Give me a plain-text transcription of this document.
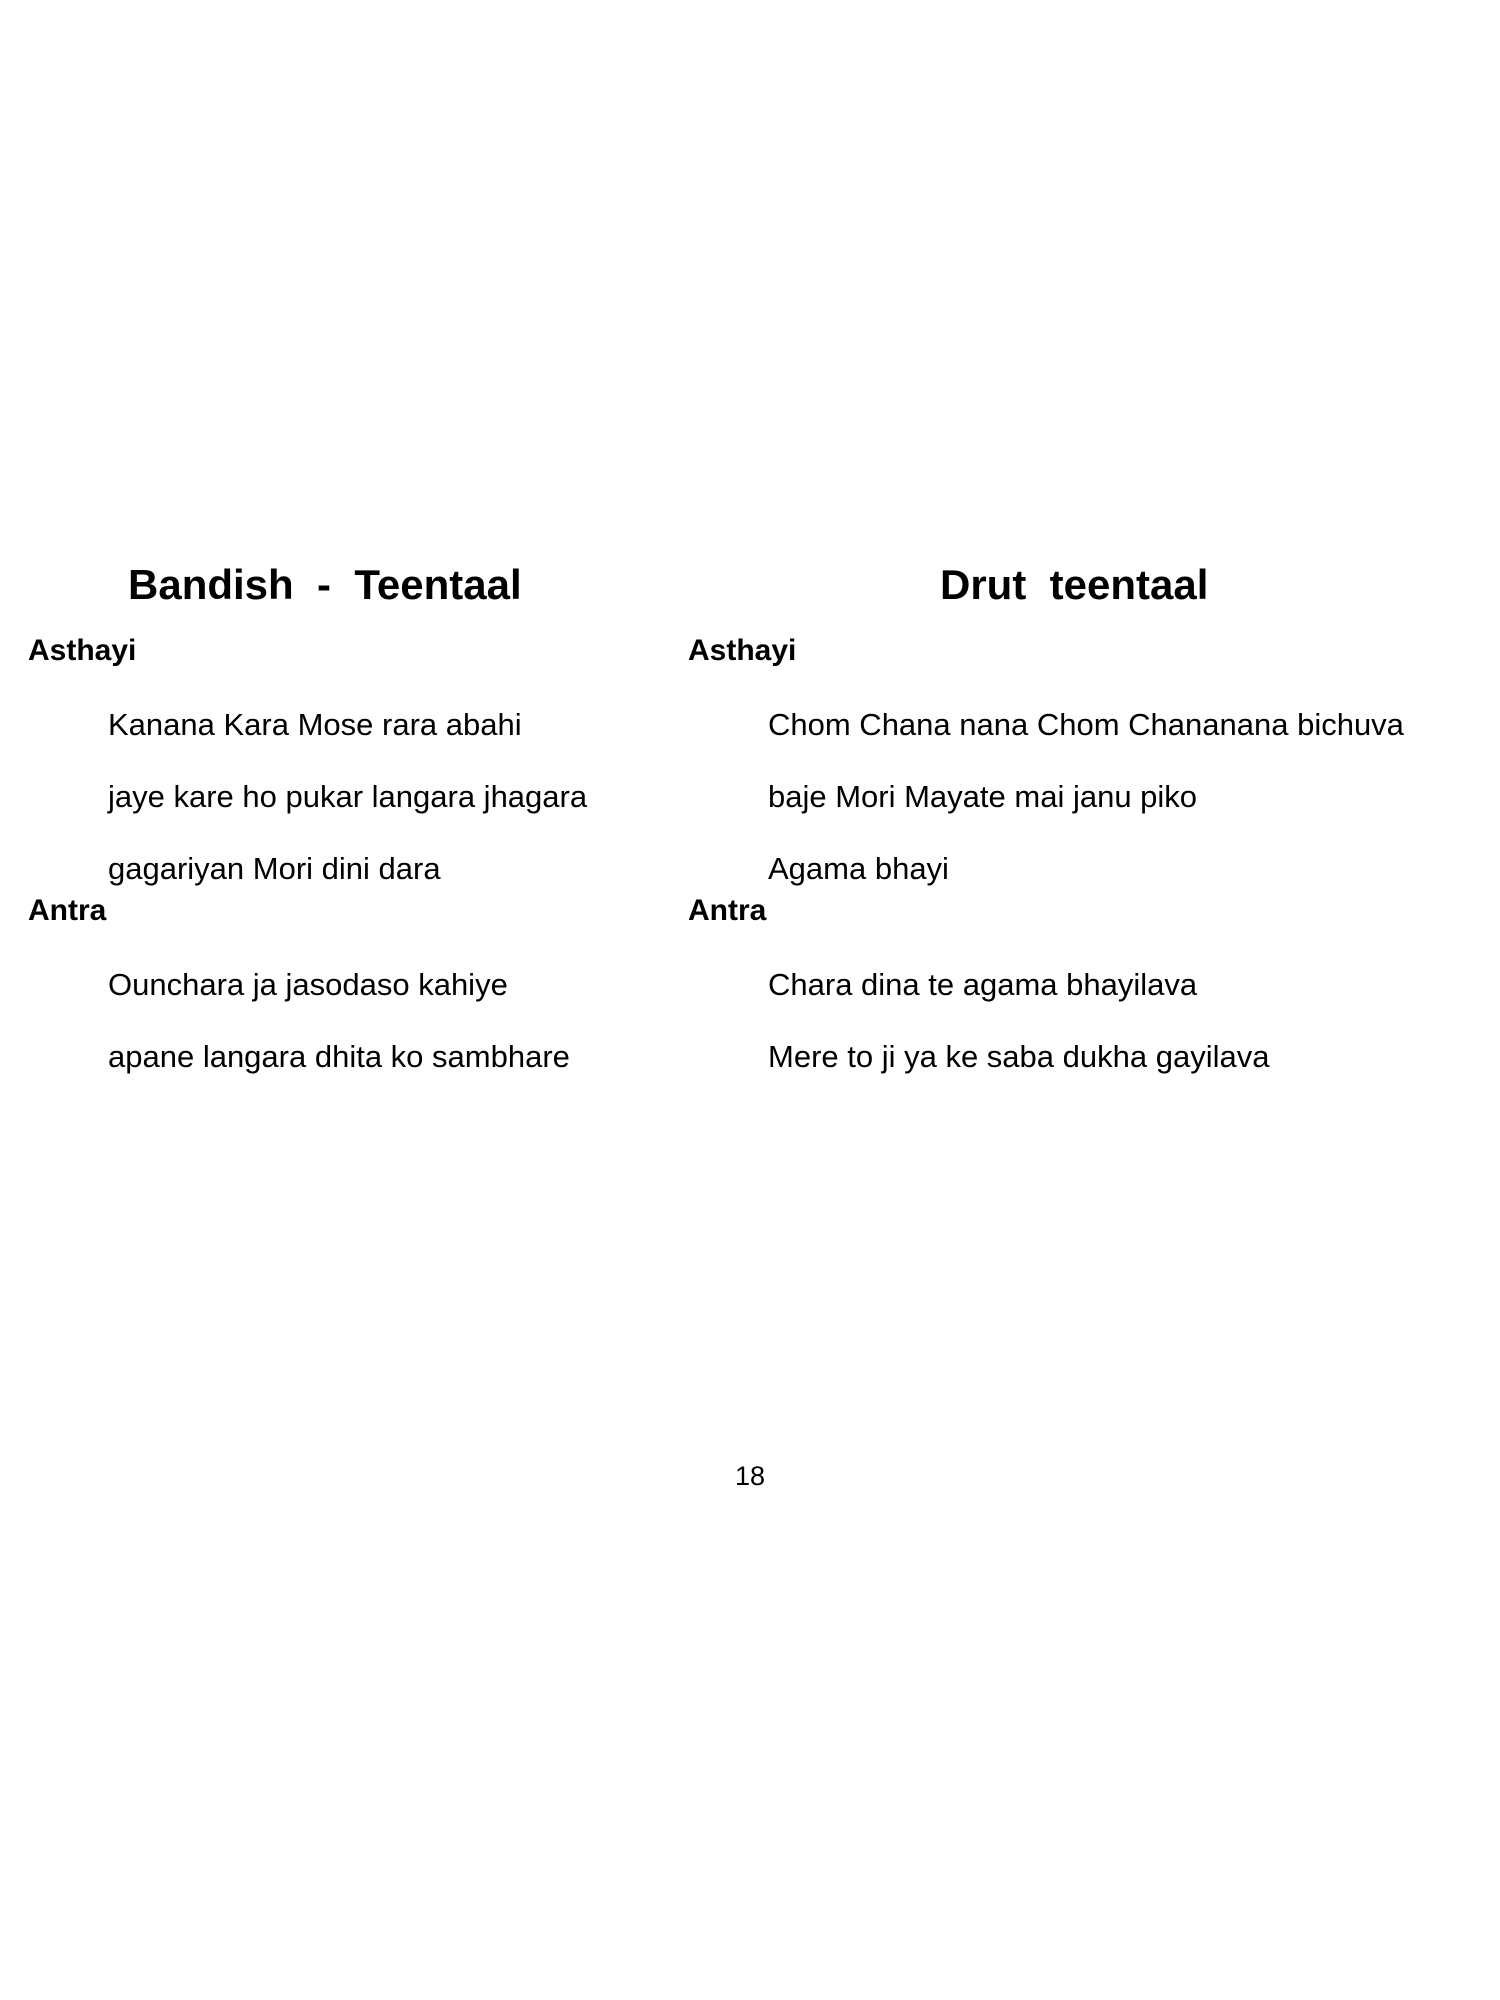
Bandish  -  Teentaal
Asthayi
Kanana Kara Mose rara abahi
jaye kare ho pukar langara jhagara
gagariyan Mori dini dara
Antra
Ounchara ja jasodaso kahiye
apane langara dhita ko sambhare
Drut  teentaal
Asthayi
Chom Chana nana Chom Chananana bichuva
baje Mori Mayate mai janu piko
Agama bhayi
Antra
Chara dina te agama bhayilava
Mere to ji ya ke saba dukha gayilava
18
